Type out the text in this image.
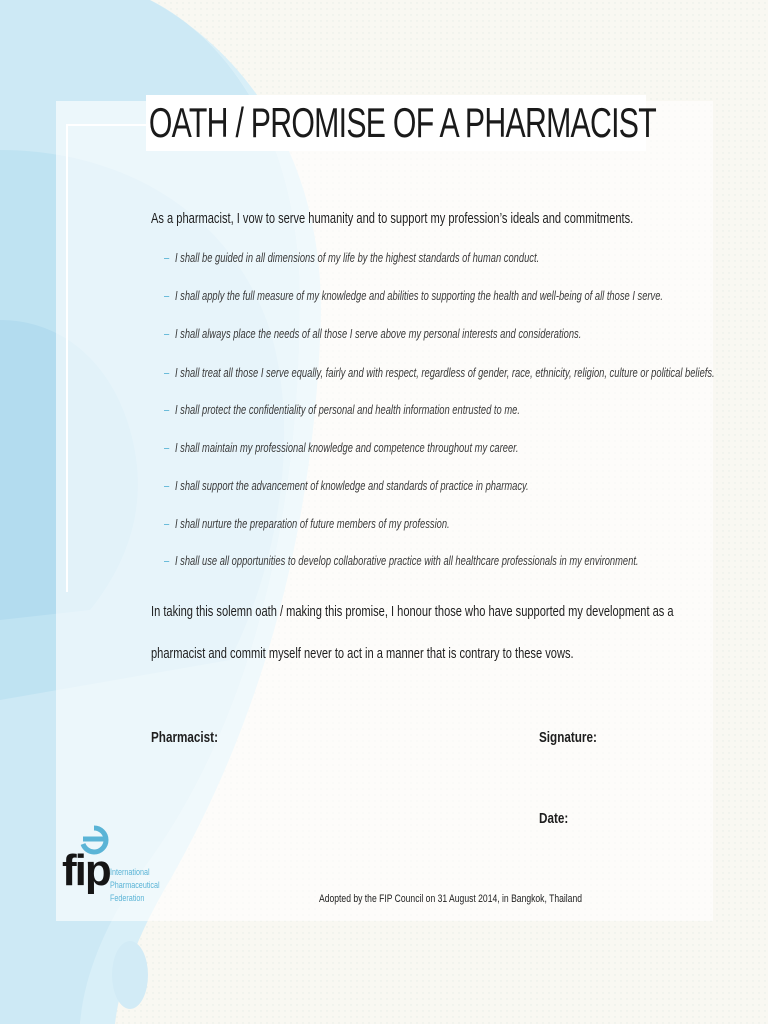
OATH / PROMISE OF A PHARMACIST
As a pharmacist, I vow to serve humanity and to support my profession’s ideals and commitments.
– I shall be guided in all dimensions of my life by the highest standards of human conduct.
– I shall apply the full measure of my knowledge and abilities to supporting the health and well-being of all those I serve.
– I shall always place the needs of all those I serve above my personal interests and considerations.
– I shall treat all those I serve equally, fairly and with respect, regardless of gender, race, ethnicity, religion, culture or political beliefs.
– I shall protect the confidentiality of personal and health information entrusted to me.
– I shall maintain my professional knowledge and competence throughout my career.
– I shall support the advancement of knowledge and standards of practice in pharmacy.
– I shall nurture the preparation of future members of my profession.
– I shall use all opportunities to develop collaborative practice with all healthcare professionals in my environment.
In taking this solemn oath / making this promise, I honour those who have supported my development as a
pharmacist and commit myself never to act in a manner that is contrary to these vows.
Pharmacist:	Signature:
Date:
fip International
Pharmaceutical
Federation	Adopted by the FIP Council on 31 August 2014, in Bangkok, Thailand
